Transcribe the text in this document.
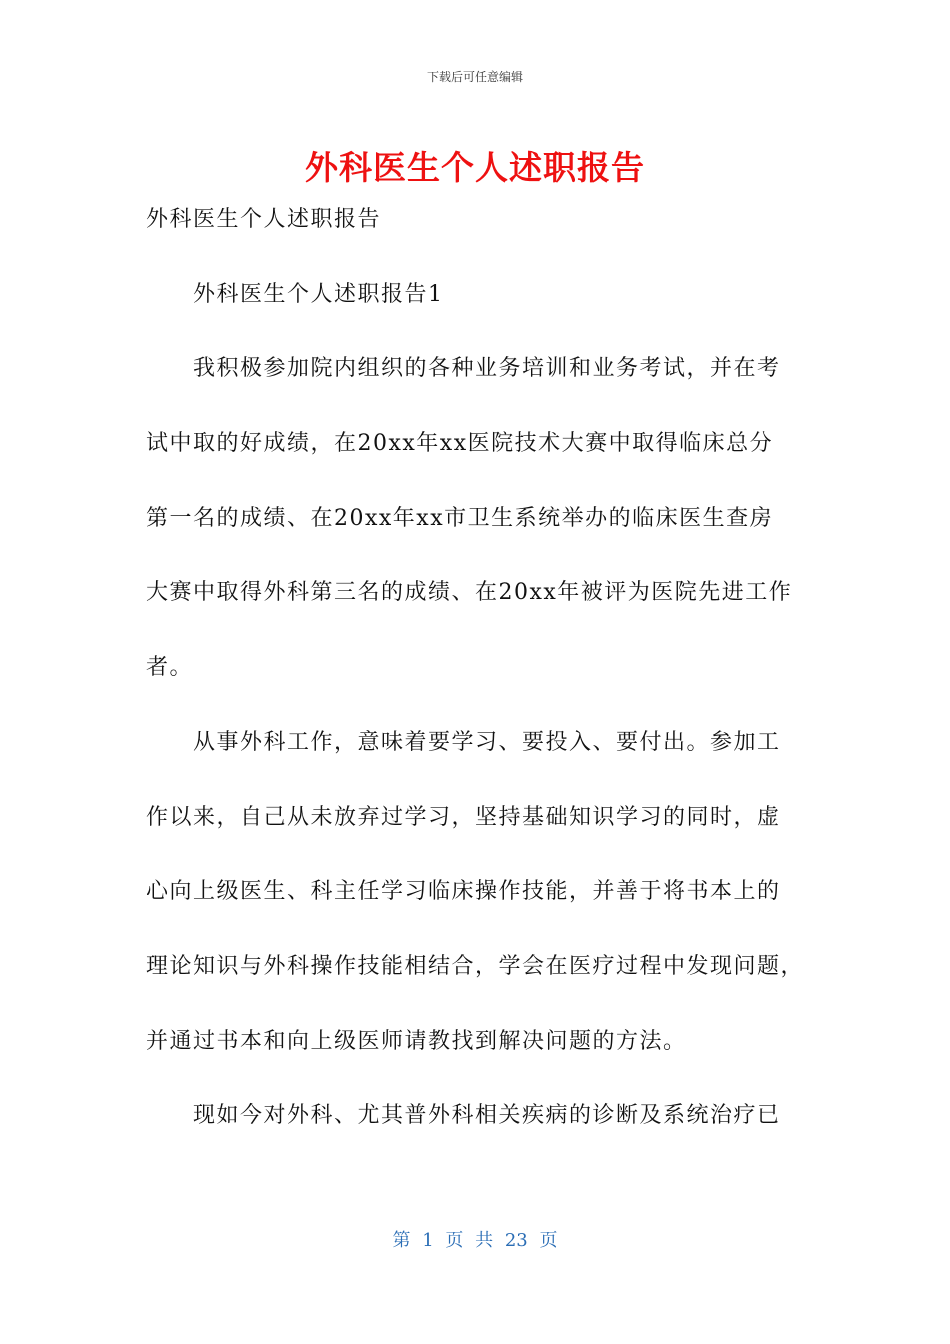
下载后可任意编辑
外科医生个人述职报告
外科医生个人述职报告
外科医生个人述职报告1
我积极参加院内组织的各种业务培训和业务考试，并在考
试中取的好成绩，在20xx年xx医院技术大赛中取得临床总分
第一名的成绩、在20xx年xx市卫生系统举办的临床医生查房
大赛中取得外科第三名的成绩、在20xx年被评为医院先进工作
者。
从事外科工作，意味着要学习、要投入、要付出。参加工
作以来，自己从未放弃过学习，坚持基础知识学习的同时，虚
心向上级医生、科主任学习临床操作技能，并善于将书本上的
理论知识与外科操作技能相结合，学会在医疗过程中发现问题，
并通过书本和向上级医师请教找到解决问题的方法。
现如今对外科、尤其普外科相关疾病的诊断及系统治疗已
第 1 页 共 23 页
